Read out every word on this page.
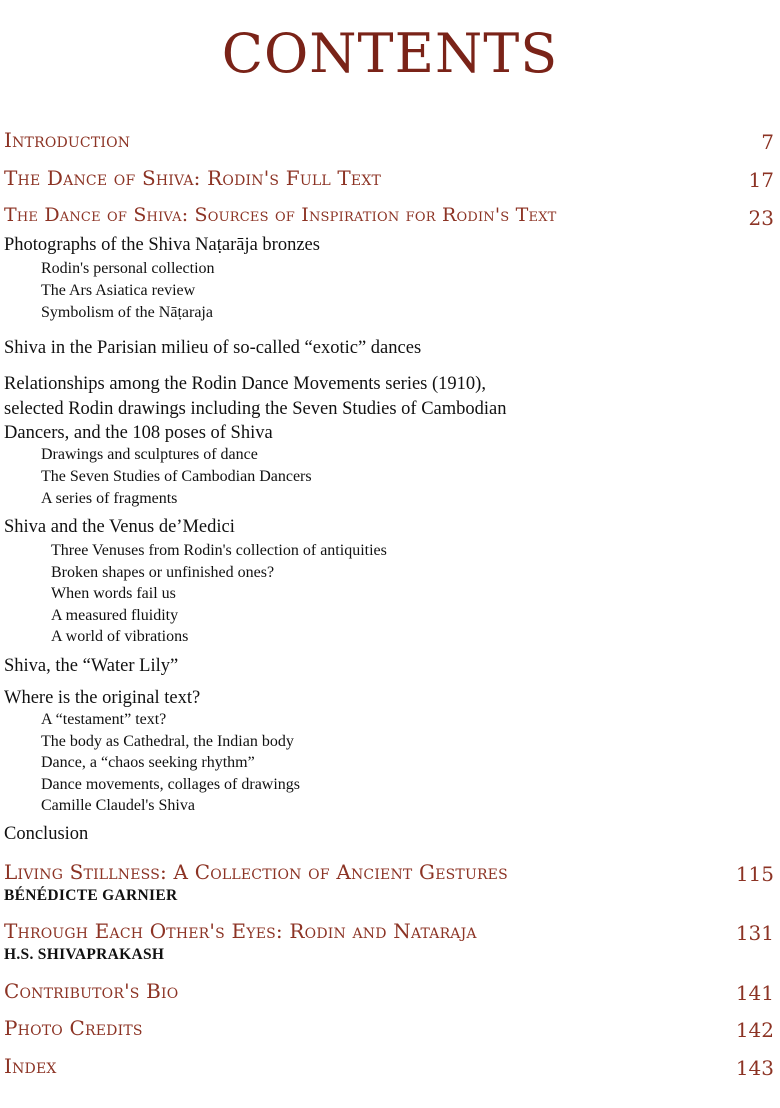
CONTENTS
Introduction	7
The Dance of Shiva: Rodin's Full Text	17
The Dance of Shiva: Sources of Inspiration for Rodin's Text	23
Photographs of the Shiva Naṭarāja bronzes
Rodin's personal collection
The Ars Asiatica review
Symbolism of the Nāṭaraja
Shiva in the Parisian milieu of so-called “exotic” dances
Relationships among the Rodin Dance Movements series (1910),
selected Rodin drawings including the Seven Studies of Cambodian
Dancers, and the 108 poses of Shiva
Drawings and sculptures of dance
The Seven Studies of Cambodian Dancers
A series of fragments
Shiva and the Venus de’Medici
Three Venuses from Rodin's collection of antiquities
Broken shapes or unfinished ones?
When words fail us
A measured fluidity
A world of vibrations
Shiva, the “Water Lily”
Where is the original text?
A “testament” text?
The body as Cathedral, the Indian body
Dance, a “chaos seeking rhythm”
Dance movements, collages of drawings
Camille Claudel's Shiva
Conclusion
Living Stillness: A Collection of Ancient Gestures	115
BÉNÉDICTE GARNIER
Through Each Other's Eyes: Rodin and Nataraja	131
H.S. SHIVAPRAKASH
Contributor's Bio	141
Photo Credits	142
Index	143
